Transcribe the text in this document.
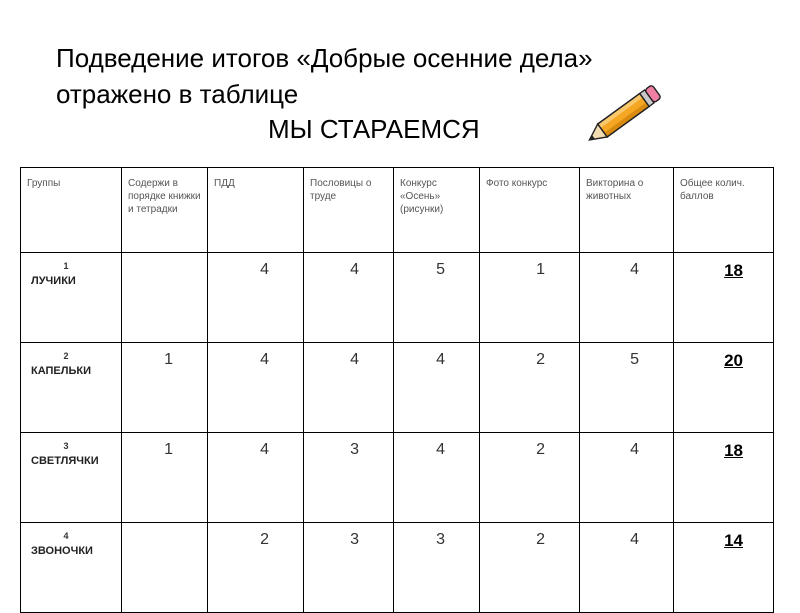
Подведение итогов «Добрые осенние дела»
отражено в таблице
МЫ СТАРАЕМСЯ
Группы	Содержи в порядке книжки и тетрадки	ПДД	Пословицы о труде	Конкурс «Осень» (рисунки)	Фото конкурс	Викторина о животных	Общее колич. баллов

1
ЛУЧИКИ		4	4	5	1	4	18

2
КАПЕЛЬКИ	1	4	4	4	2	5	20

3
СВЕТЛЯЧКИ	1	4	3	4	2	4	18

4
ЗВОНОЧКИ		2	3	3	2	4	14
